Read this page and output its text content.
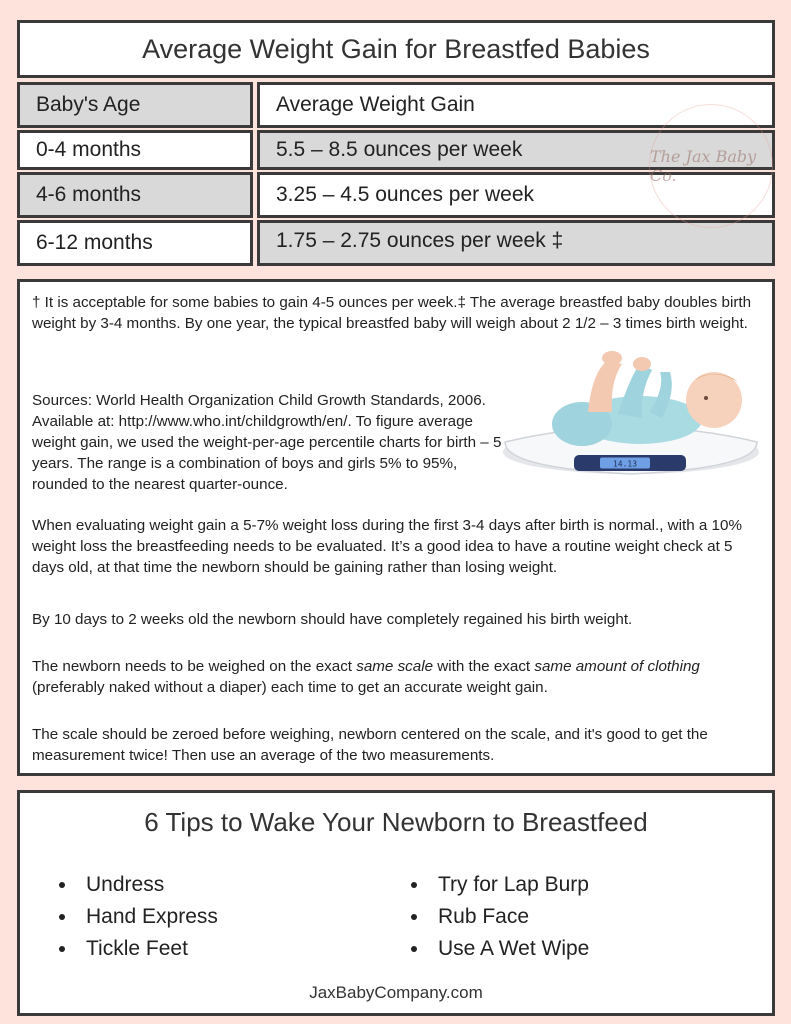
Average Weight Gain for Breastfed Babies
Baby's Age	Average Weight Gain
0-4 months	5.5 – 8.5 ounces per week
4-6 months	3.25 – 4.5 ounces per week
6-12 months	1.75 – 2.75 ounces per week ‡
The Jax Baby Co.

† It is acceptable for some babies to gain 4-5 ounces per week.‡ The average breastfed baby doubles birth weight by 3-4 months. By one year, the typical breastfed baby will weigh about 2 1/2 – 3 times birth weight.

Sources: World Health Organization Child Growth Standards, 2006. Available at: http://www.who.int/childgrowth/en/. To figure average weight gain, we used the weight-per-age percentile charts for birth – 5 years. The range is a combination of boys and girls 5% to 95%, rounded to the nearest quarter-ounce.

14.13

When evaluating weight gain a 5-7% weight loss during the first 3-4 days after birth is normal., with a 10% weight loss the breastfeeding needs to be evaluated. It’s a good idea to have a routine weight check at 5 days old, at that time the newborn should be gaining rather than losing weight.

By 10 days to 2 weeks old the newborn should have completely regained his birth weight.

The newborn needs to be weighed on the exact same scale with the exact same amount of clothing (preferably naked without a diaper) each time to get an accurate weight gain.

The scale should be zeroed before weighing, newborn centered on the scale, and it's good to get the measurement twice! Then use an average of the two measurements.

6 Tips to Wake Your Newborn to Breastfeed
• Undress
• Hand Express
• Tickle Feet
• Try for Lap Burp
• Rub Face
• Use A Wet Wipe
JaxBabyCompany.com
